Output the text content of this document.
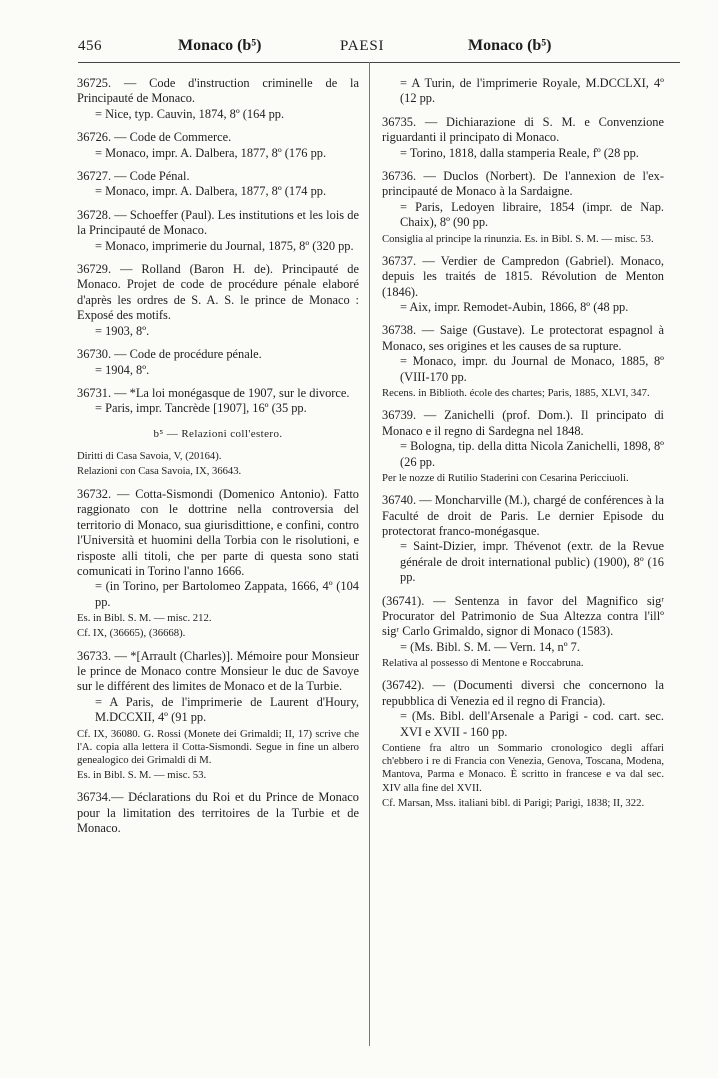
456	Monaco (b⁵)	PAESI	Monaco (b⁵)

36725. — Code d'instruction criminelle de la Principauté de Monaco.

= Nice, typ. Cauvin, 1874, 8º (164 pp.

36726. — Code de Commerce.

= Monaco, impr. A. Dalbera, 1877, 8º (176 pp.

36727. — Code Pénal.

= Monaco, impr. A. Dalbera, 1877, 8º (174 pp.

36728. — Schoeffer (Paul). Les institutions et les lois de la Principauté de Monaco.

= Monaco, imprimerie du Journal, 1875, 8º (320 pp.

36729. — Rolland (Baron H. de). Principauté de Monaco. Projet de code de procédure pénale elaboré d'après les ordres de S. A. S. le prince de Monaco : Exposé des motifs.

= 1903, 8º.

36730. — Code de procédure pénale.

= 1904, 8º.

36731. — *La loi monégasque de 1907, sur le divorce.

= Paris, impr. Tancrède [1907], 16º (35 pp.

b⁵ — Relazioni coll'estero.

Diritti di Casa Savoia, V, (20164).

Relazioni con Casa Savoia, IX, 36643.

36732. — Cotta-Sismondi (Domenico Antonio). Fatto raggionato con le dottrine nella controversia del territorio di Monaco, sua giurisdittione, e confini, contro l'Università et huomini della Torbia con le risolutioni, e risposte alli titoli, che per parte di questa sono stati comunicati in Torino l'anno 1666.

= (in Torino, per Bartolomeo Zappata, 1666, 4º (104 pp.

Es. in Bibl. S. M. — misc. 212.

Cf. IX, (36665), (36668).

36733. — *[Arrault (Charles)]. Mémoire pour Monsieur le prince de Monaco contre Monsieur le duc de Savoye sur le différent des limites de Monaco et de la Turbie.

= A Paris, de l'imprimerie de Laurent d'Houry, M.DCCXII, 4º (91 pp.

Cf. IX, 36080. G. Rossi (Monete dei Grimaldi; II, 17) scrive che l'A. copia alla lettera il Cotta-Sismondi. Segue in fine un albero genealogico dei Grimaldi di M.

Es. in Bibl. S. M. — misc. 53.

36734.— Déclarations du Roi et du Prince de Monaco pour la limitation des territoires de la Turbie et de Monaco.

= A Turin, de l'imprimerie Royale, M.DCCLXI, 4º (12 pp.

36735. — Dichiarazione di S. M. e Convenzione riguardanti il principato di Monaco.

= Torino, 1818, dalla stamperia Reale, fº (28 pp.

36736. — Duclos (Norbert). De l'annexion de l'ex-principauté de Monaco à la Sardaigne.

= Paris, Ledoyen libraire, 1854 (impr. de Nap. Chaix), 8º (90 pp.

Consiglia al principe la rinunzia. Es. in Bibl. S. M. — misc. 53.

36737. — Verdier de Campredon (Gabriel). Monaco, depuis les traités de 1815. Révolution de Menton (1846).

= Aix, impr. Remodet-Aubin, 1866, 8º (48 pp.

36738. — Saige (Gustave). Le protectorat espagnol à Monaco, ses origines et les causes de sa rupture.

= Monaco, impr. du Journal de Monaco, 1885, 8º (VIII-170 pp.

Recens. in Biblioth. école des chartes; Paris, 1885, XLVI, 347.

36739. — Zanichelli (prof. Dom.). Il principato di Monaco e il regno di Sardegna nel 1848.

= Bologna, tip. della ditta Nicola Zanichelli, 1898, 8º (26 pp.

Per le nozze di Rutilio Staderini con Cesarina Pericciuoli.

36740. — Moncharville (M.), chargé de conférences à la Faculté de droit de Paris. Le dernier Episode du protectorat franco-monégasque.

= Saint-Dizier, impr. Thévenot (extr. de la Revue générale de droit international public) (1900), 8º (16 pp.

(36741). — Sentenza in favor del Magnifico sigʳ Procurator del Patrimonio de Sua Altezza contra l'illº sigʳ Carlo Grimaldo, signor di Monaco (1583).

= (Ms. Bibl. S. M. — Vern. 14, nº 7.

Relativa al possesso di Mentone e Roccabruna.

(36742). — (Documenti diversi che concernono la repubblica di Venezia ed il regno di Francia).

= (Ms. Bibl. dell'Arsenale a Parigi - cod. cart. sec. XVI e XVII - 160 pp.

Contiene fra altro un Sommario cronologico degli affari ch'ebbero i re di Francia con Venezia, Genova, Toscana, Modena, Mantova, Parma e Monaco. È scritto in francese e va dal sec. XIV alla fine del XVII.

Cf. Marsan, Mss. italiani bibl. di Parigi; Parigi, 1838; II, 322.
